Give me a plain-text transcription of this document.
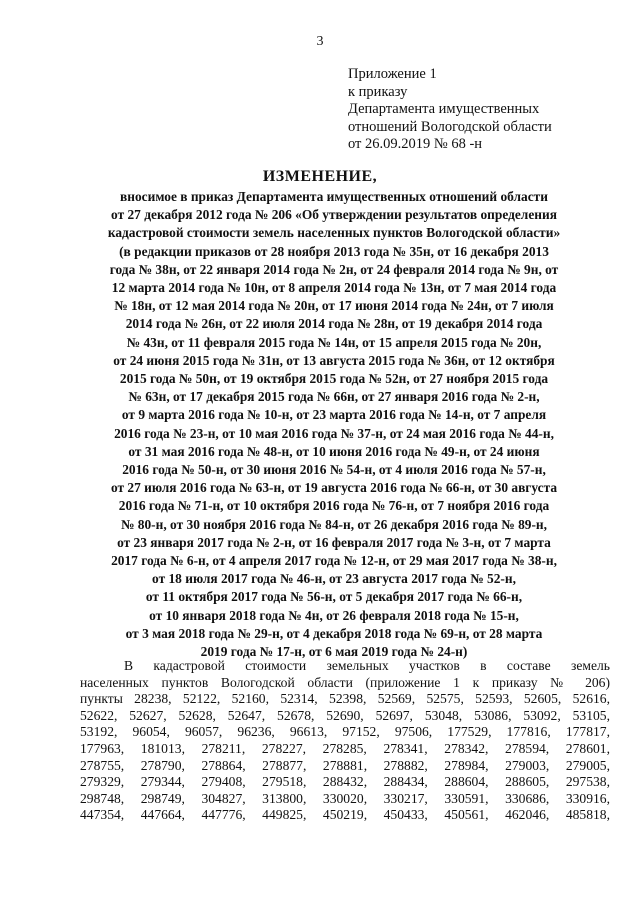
3
Приложение 1
к приказу
Департамента имущественных
отношений Вологодской области
от 26.09.2019 № 68 -н
ИЗМЕНЕНИЕ,
вносимое в приказ Департамента имущественных отношений области
от 27 декабря 2012 года № 206 «Об утверждении результатов определения
кадастровой стоимости земель населенных пунктов Вологодской области»
(в редакции приказов от 28 ноября 2013 года № 35н, от 16 декабря 2013
года № 38н, от 22 января 2014 года № 2н, от 24 февраля 2014 года № 9н, от
12 марта 2014 года № 10н, от 8 апреля 2014 года № 13н, от 7 мая 2014 года
№ 18н, от 12 мая 2014 года № 20н, от 17 июня 2014 года № 24н, от 7 июля
2014 года № 26н, от 22 июля 2014 года № 28н, от 19 декабря 2014 года
№ 43н, от 11 февраля 2015 года № 14н, от 15 апреля 2015 года № 20н,
от 24 июня 2015 года № 31н, от 13 августа 2015 года № 36н, от 12 октября
2015 года № 50н, от 19 октября 2015 года № 52н, от 27 ноября 2015 года
№ 63н, от 17 декабря 2015 года № 66н, от 27 января 2016 года № 2-н,
от 9 марта 2016 года № 10-н, от 23 марта 2016 года № 14-н, от 7 апреля
2016 года № 23-н, от 10 мая 2016 года № 37-н, от 24 мая 2016 года № 44-н,
от 31 мая 2016 года № 48-н, от 10 июня 2016 года № 49-н, от 24 июня
2016 года № 50-н, от 30 июня 2016 № 54-н, от 4 июля 2016 года № 57-н,
от 27 июля 2016 года № 63-н, от 19 августа 2016 года № 66-н, от 30 августа
2016 года № 71-н, от 10 октября 2016 года № 76-н, от 7 ноября 2016 года
№ 80-н, от 30 ноября 2016 года № 84-н, от 26 декабря 2016 года № 89-н,
от 23 января 2017 года № 2-н, от 16 февраля 2017 года № 3-н, от 7 марта
2017 года № 6-н, от 4 апреля 2017 года № 12-н, от 29 мая 2017 года № 38-н,
от 18 июля 2017 года № 46-н, от 23 августа 2017 года № 52-н,
от 11 октября 2017 года № 56-н, от 5 декабря 2017 года № 66-н,
от 10 января 2018 года № 4н, от 26 февраля 2018 года № 15-н,
от 3 мая 2018 года № 29-н, от 4 декабря 2018 года № 69-н, от 28 марта
2019 года № 17-н, от 6 мая 2019 года № 24-н)
В кадастровой стоимости земельных участков в составе земель
населенных пунктов Вологодской области (приложение 1 к приказу № 206)
пункты 28238, 52122, 52160, 52314, 52398, 52569, 52575, 52593, 52605, 52616,
52622, 52627, 52628, 52647, 52678, 52690, 52697, 53048, 53086, 53092, 53105,
53192, 96054, 96057, 96236, 96613, 97152, 97506, 177529, 177816, 177817,
177963, 181013, 278211, 278227, 278285, 278341, 278342, 278594, 278601,
278755, 278790, 278864, 278877, 278881, 278882, 278984, 279003, 279005,
279329, 279344, 279408, 279518, 288432, 288434, 288604, 288605, 297538,
298748, 298749, 304827, 313800, 330020, 330217, 330591, 330686, 330916,
447354, 447664, 447776, 449825, 450219, 450433, 450561, 462046, 485818,
